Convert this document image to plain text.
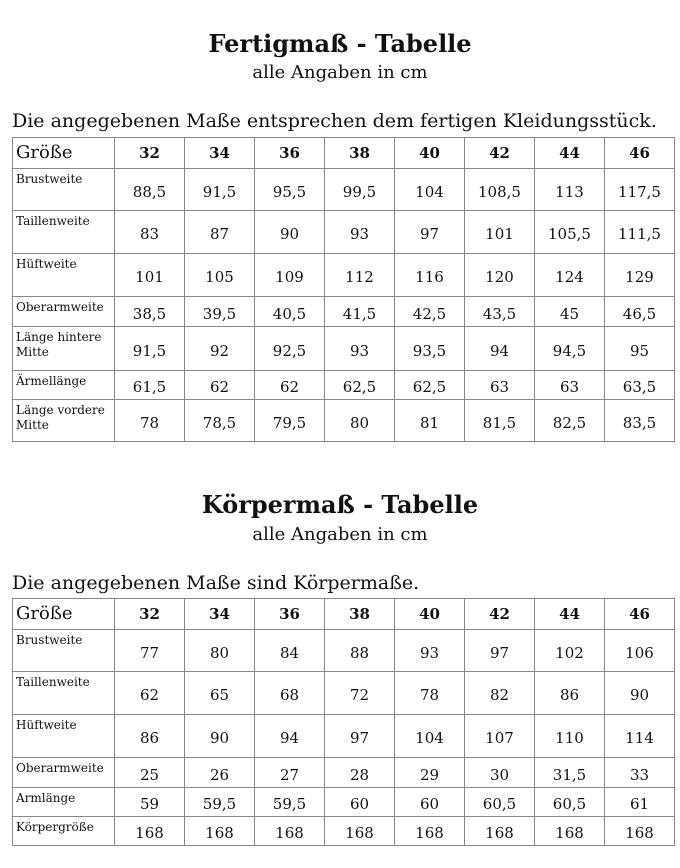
Fertigmaß - Tabelle
alle Angaben in cm
Die angegebenen Maße entsprechen dem fertigen Kleidungsstück.
Größe	32	34	36	38	40	42	44	46
Brustweite	88,5	91,5	95,5	99,5	104	108,5	113	117,5
Taillenweite	83	87	90	93	97	101	105,5	111,5
Hüftweite	101	105	109	112	116	120	124	129
Oberarmweite	38,5	39,5	40,5	41,5	42,5	43,5	45	46,5
Länge hintere Mitte	91,5	92	92,5	93	93,5	94	94,5	95
Ärmellänge	61,5	62	62	62,5	62,5	63	63	63,5
Länge vordere Mitte	78	78,5	79,5	80	81	81,5	82,5	83,5
Körpermaß - Tabelle
alle Angaben in cm
Die angegebenen Maße sind Körpermaße.
Größe	32	34	36	38	40	42	44	46
Brustweite	77	80	84	88	93	97	102	106
Taillenweite	62	65	68	72	78	82	86	90
Hüftweite	86	90	94	97	104	107	110	114
Oberarmweite	25	26	27	28	29	30	31,5	33
Armlänge	59	59,5	59,5	60	60	60,5	60,5	61
Körpergröße	168	168	168	168	168	168	168	168
